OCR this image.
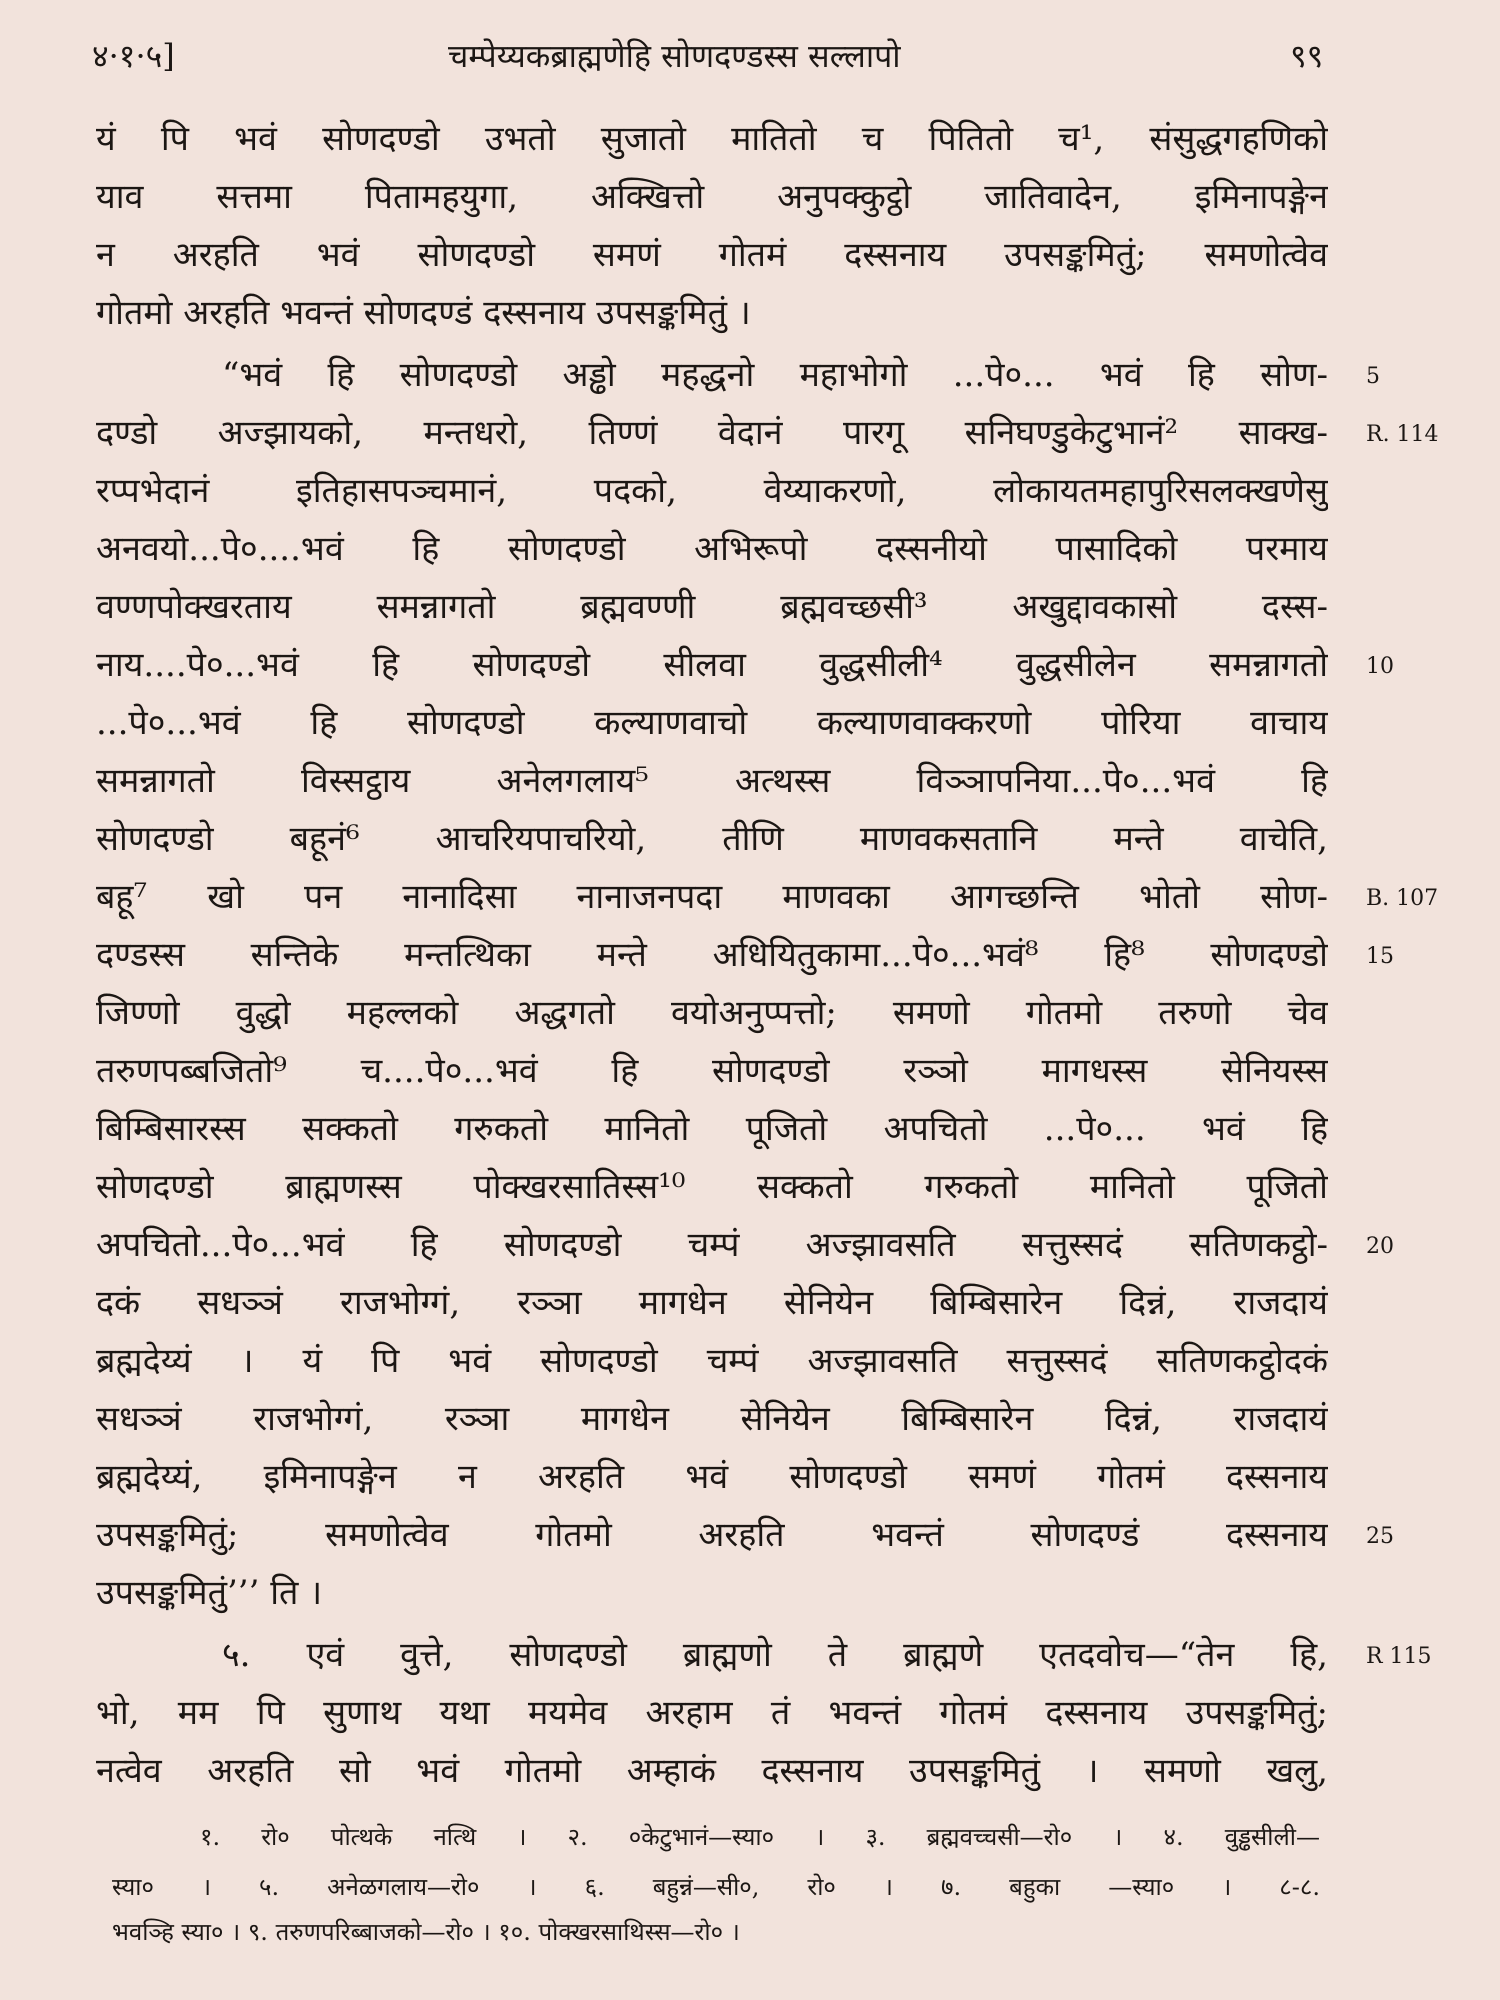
४·१·५]	चम्पेय्यकब्राह्मणेहि सोणदण्डस्स सल्लापो	९९
यं पि भवं सोणदण्डो उभतो सुजातो मातितो च पितितो च¹, संसुद्धगहणिको
याव सत्तमा पितामहयुगा, अक्खित्तो अनुपक्कुट्ठो जातिवादेन, इमिनापङ्गेन
न अरहति भवं सोणदण्डो समणं गोतमं दस्सनाय उपसङ्कमितुं; समणोत्वेव
गोतमो अरहति भवन्तं सोणदण्डं दस्सनाय उपसङ्कमितुं ।
“भवं हि सोणदण्डो अड्ढो महद्धनो महाभोगो ...पे०... भवं हि सोण-
दण्डो अज्झायको, मन्तधरो, तिण्णं वेदानं पारगू सनिघण्डुकेटुभानं² साक्ख-
रप्पभेदानं इतिहासपञ्चमानं, पदको, वेय्याकरणो, लोकायतमहापुरिसलक्खणेसु
अनवयो...पे०....भवं हि सोणदण्डो अभिरूपो दस्सनीयो पासादिको परमाय
वण्णपोक्खरताय समन्नागतो ब्रह्मवण्णी ब्रह्मवच्छसी³ अखुद्दावकासो दस्स-
नाय....पे०...भवं हि सोणदण्डो सीलवा वुद्धसीली⁴ वुद्धसीलेन समन्नागतो
...पे०...भवं हि सोणदण्डो कल्याणवाचो कल्याणवाक्करणो पोरिया वाचाय
समन्नागतो विस्सट्ठाय अनेलगलाय⁵ अत्थस्स विञ्ञापनिया...पे०...भवं हि
सोणदण्डो बहूनं⁶ आचरियपाचरियो, तीणि माणवकसतानि मन्ते वाचेति,
बहू⁷ खो पन नानादिसा नानाजनपदा माणवका आगच्छन्ति भोतो सोण-
दण्डस्स सन्तिके मन्तत्थिका मन्ते अधियितुकामा...पे०...भवं⁸ हि⁸ सोणदण्डो
जिण्णो वुद्धो महल्लको अद्धगतो वयोअनुप्पत्तो; समणो गोतमो तरुणो चेव
तरुणपब्बजितो⁹ च....पे०...भवं हि सोणदण्डो रञ्ञो मागधस्स सेनियस्स
बिम्बिसारस्स सक्कतो गरुकतो मानितो पूजितो अपचितो ...पे०... भवं हि
सोणदण्डो ब्राह्मणस्स पोक्खरसातिस्स¹⁰ सक्कतो गरुकतो मानितो पूजितो
अपचितो...पे०...भवं हि सोणदण्डो चम्पं अज्झावसति सत्तुस्सदं सतिणकट्ठो-
दकं सधञ्ञं राजभोग्गं, रञ्ञा मागधेन सेनियेन बिम्बिसारेन दिन्नं, राजदायं
ब्रह्मदेय्यं । यं पि भवं सोणदण्डो चम्पं अज्झावसति सत्तुस्सदं सतिणकट्ठोदकं
सधञ्ञं राजभोग्गं, रञ्ञा मागधेन सेनियेन बिम्बिसारेन दिन्नं, राजदायं
ब्रह्मदेय्यं, इमिनापङ्गेन न अरहति भवं सोणदण्डो समणं गोतमं दस्सनाय
उपसङ्कमितुं; समणोत्वेव गोतमो अरहति भवन्तं सोणदण्डं दस्सनाय
उपसङ्कमितुं’’’ ति ।
५. एवं वुत्ते, सोणदण्डो ब्राह्मणो ते ब्राह्मणे एतदवोच—“तेन हि,
भो, मम पि सुणाथ यथा मयमेव अरहाम तं भवन्तं गोतमं दस्सनाय उपसङ्कमितुं;
नत्वेव अरहति सो भवं गोतमो अम्हाकं दस्सनाय उपसङ्कमितुं । समणो खलु,
5
R. 114
10
B. 107
15
20
25
R 115
१. रो० पोत्थके नत्थि । २. ०केटुभानं—स्या० । ३. ब्रह्मवच्चसी—रो० । ४. वुड्ढसीली—
स्या० । ५. अनेळगलाय—रो० । ६. बहुन्नं—सी०, रो० । ७. बहुका —स्या० । ८-८.
भवञ्हि स्या० । ९. तरुणपरिब्बाजको—रो० । १०. पोक्खरसाथिस्स—रो० ।
